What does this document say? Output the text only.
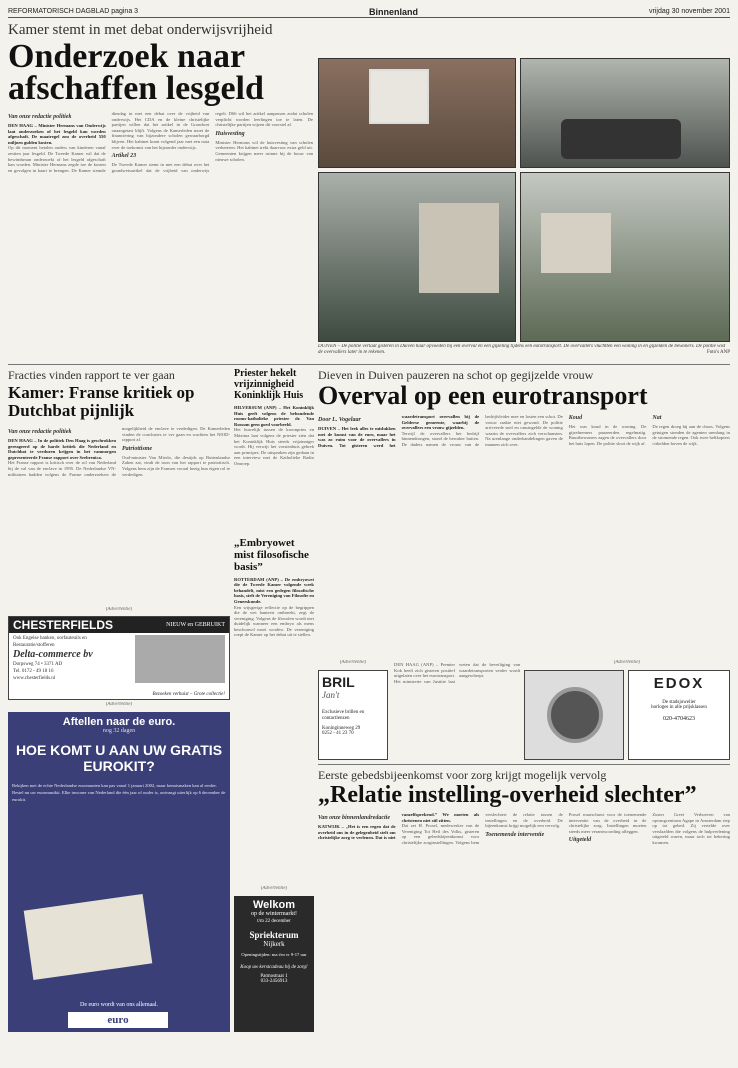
REFORMATORISCH DAGBLAD pagina 3	Binnenland	vrijdag 30 november 2001
Kamer stemt in met debat onderwijsvrijheid
Onderzoek naar afschaffen lesgeld
Van onze redactie politiek

DEN HAAG – Minister Hermans van Onderwijs laat onderzoeken of het lesgeld kan worden afgeschaft. De maatregel zou de overheid 550 miljoen gulden kosten.

Op dit moment betalen ouders van kinderen vanaf zestien jaar lesgeld. De Tweede Kamer wil dat de bewindsman onderzoekt of het lesgeld afgeschaft kan worden. Minister Hermans zegde toe de kosten en gevolgen in kaart te brengen. De Kamer stemde dinsdag in met een debat over de vrijheid van onderwijs. Het CDA en de kleine christelijke partijen willen dat het artikel in de Grondwet onaangetast blijft. Volgens de Kamerleden moet de financiering van bijzondere scholen gewaarborgd blijven. Het kabinet komt volgend jaar met een nota over de toekomst van het bijzonder onderwijs.

Artikel 23

De Tweede Kamer stemt in met een debat over het grondwetsartikel dat de vrijheid van onderwijs regelt. D66 wil het artikel aanpassen zodat scholen verplicht worden leerlingen toe te laten. De christelijke partijen wijzen dit voorstel af.

Huisvesting

Minister Hermans wil de huisvesting van scholen verbeteren. Het kabinet trekt daarvoor extra geld uit. Gemeenten krijgen meer ruimte bij de bouw van nieuwe scholen.

DUIVEN – De politie verlaat gisteren in Duiven haar opvoeden bij een overval en een gijzeling tijdens een eurotransport. De overvallers vluchtten een woning in en gijzelden de bewoners. De politie wist de overvallers later in te rekenen.	Foto's ANP
Fracties vinden rapport te ver gaan
Kamer: Franse kritiek op Dutchbat pijnlijk
Van onze redactie politiek

DEN HAAG – In de politiek Den Haag is geschrokken gereageerd op de harde kritiek die Nederland en Dutchbat te verduren krijgen in het vanmorgen gepresenteerde Franse rapport over Srebrenica.

Het Franse rapport is kritisch over de rol van Nederland bij de val van de enclave in 1995. De Nederlandse VN-militairen hadden volgens de Franse onderzoekers de mogelijkheid de enclave te verdedigen. De Kamerleden vinden de conclusies te ver gaan en wachten het NIOD-rapport af.

Patriottisme

Oud-minister Van Mierlo, die destijds op Buitenlandse Zaken zat, vindt de toon van het rapport te patriottisch. Volgens hem zijn de Fransen vooral bezig hun eigen rol te verdedigen.

Priester hekelt vrijzinnigheid Koninklijk Huis

HILVERSUM (ANP) – Het Koninklijk Huis geeft volgens de behoudende rooms-katholieke priester dr. Van Rossum geen goed voorbeeld.

Het huwelijk tussen de kroonprins en Máxima laat volgens de priester zien dat het Koninklijk Huis steeds vrijzinniger wordt. Hij verwijt het vorstenhuis gebrek aan principes. De uitspraken zijn gedaan in een interview met de Katholieke Radio Omroep.

„Embryowet mist filosofische basis”

ROTTERDAM (ANP) – De embryowet die de Tweede Kamer volgende week behandelt, mist een gedegen filosofische basis, stelt de Vereniging van Filosofie en Geneeskunde.

Een wijsgerige reflectie op de begrippen die de wet hanteert ontbreekt, zegt de vereniging. Volgens de filosofen wordt niet duidelijk wanneer een embryo als mens beschouwd moet worden. De vereniging roept de Kamer op het debat uit te stellen.

(Advertentie)
CHESTERFIELDS	NIEUW en GEBRUIKT
Ook Engelse banken, oorfauteuils en
Restauratie/stofferen
Delta-commerce bv
Dorpsweg 74 • 3371 AD
Tel. 0172 - 49 18 16
www.chesterfields.nl
Bezoeken verhuist – Grote collectie!
(Advertentie)
Aftellen naar de euro.
nog 32 dagen
HOE KOMT U AAN UW GRATIS EUROKIT?
Bekijken met de echte Nederlandse euromunten kan pas vanaf 1 januari 2002, maar kennismaken kan al eerder. Bestel nu uw euromuntkit. Elke inwoner van Nederland die één jaar of ouder is, ontvangt uiterlijk op 6 december de eurokit.
De euro wordt van ons allemaal.
euro
Dieven in Duiven pauzeren na schot op gegijzelde vrouw
Overval op een eurotransport
Door L. Vogelaar

DUIVEN – Het leek alles te mislukken met de komst van de euro, maar het was zo ruim voor de overvallers in Duiven. Tot gisteren werd het waardetransport overvallen bij de Gelderse gemeente, waarbij de overvallers een vrouw gijzelden.

Terwijl de overvallers het bedrijf binnendrongen, stond de bewaker buiten. De daders namen de vrouw van de bedrijfsleider mee en losten een schot. De vrouw raakte niet gewond. De politie arriveerde snel en omsingelde de woning waarin de overvallers zich verschansten. Na urenlange onderhandelingen gaven de mannen zich over.

Koud

Het was koud in de woning. De gijzelnemers pauzeerden regelmatig. Buurtbewoners zagen de overvallers door het huis lopen. De politie sloot de wijk af.

Nat

De regen droeg bij aan de chaos. Volgens getuigen stonden de agenten urenlang in de stromende regen. Ook twee helikopters cirkelden boven de wijk.

(Advertentie)
BRIL
Jan't
Exclusieve brillen en contactlenzen
Koninginneweg 29
0252 - 41 23 70

DEN HAAG (ANP) – Premier Kok heeft zich gisteren positief uitgelaten over het eurotransport. Het ministerie van Justitie laat weten dat de beveiliging van waardetransporten verder wordt aangescherpt.

(Advertentie)
EDOX
De stadsjuwelier
horloges in alle prijsklassen
020-4704623
Eerste gebedsbijeenkomst voor zorg krijgt mogelijk vervolg
„Relatie instelling-overheid slechter”
Van onze binnenlandredactie

KATWIJK – „Het is een regen dat de overheid ons in de gelegenheid stelt om christelijke zorg te verlenen. Dat is niet vanzelfsprekend.” We moeten als christenen niet stil zitten.

Dat zei H. Prosel, medewerker van de Vereniging Tot Heil des Volks, gisteren op een gebedsbijeenkomst voor christelijke zorginstellingen. Volgens hem verslechtert de relatie tussen de instellingen en de overheid. De bijeenkomst krijgt mogelijk een vervolg.

Toenemende interventie

Prosel waarschuwt voor de toenemende interventie van de overheid in de christelijke zorg. Instellingen moeten steeds meer verantwoording afleggen.

Uitgeteld

Zuster Greet Verhoeven van opvangcentrum Agape in Amsterdam riep op tot gebed. Zij vertelde over verslaafden die volgens de hulpverlening uitgeteld waren, maar toch tot bekering kwamen.

(Advertentie)
Welkom
op de wintermarkt!
t/m 22 december
Spriekterum
Nijkerk
Openingstijden: ma t/m vr 9-17 uur
Koop uw kerstcadeau bij de zorg!
Patmostraat 1
033-2456913
